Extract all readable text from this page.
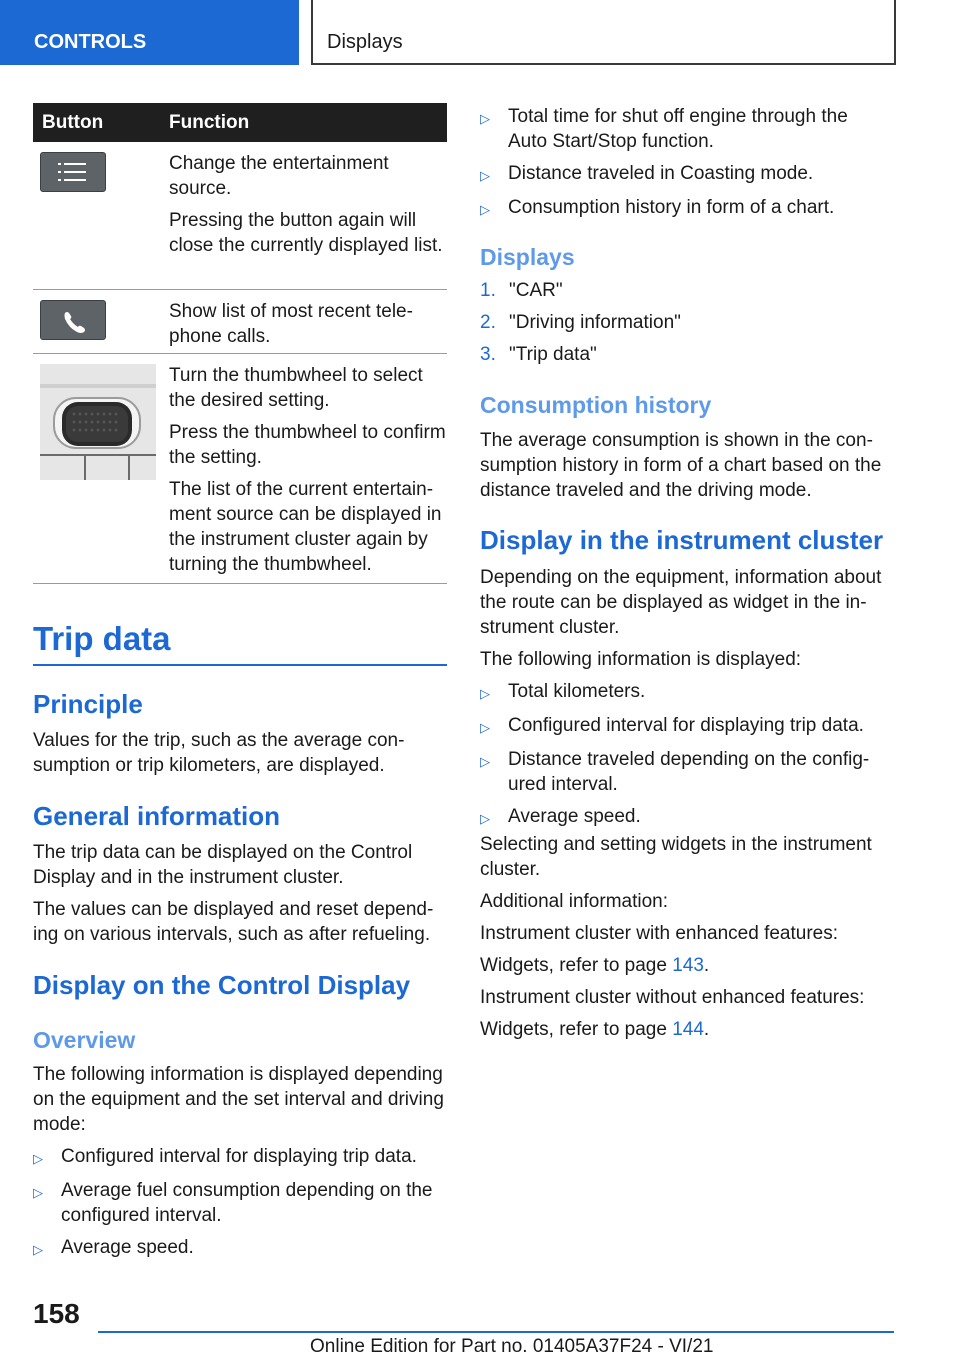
CONTROLS	Displays
Button	Function

Change the entertainment source.

Pressing the button again will close the currently displayed list.

Show list of most recent telephone calls.

Turn the thumbwheel to select the desired setting.

Press the thumbwheel to confirm the setting.

The list of the current entertainment source can be displayed in the instrument cluster again by turning the thumbwheel.

Trip data
Principle

Values for the trip, such as the average consumption or trip kilometers, are displayed.

General information

The trip data can be displayed on the Control Display and in the instrument cluster.

The values can be displayed and reset depending on various intervals, such as after refueling.

Display on the Control Display
Overview

The following information is displayed depending on the equipment and the set interval and driving mode:

▷ Configured interval for displaying trip data.
▷ Average fuel consumption depending on the configured interval.
▷ Average speed.
▷ Total time for shut off engine through the Auto Start/Stop function.
▷ Distance traveled in Coasting mode.
▷ Consumption history in form of a chart.
Displays
1. "CAR"
2. "Driving information"
3. "Trip data"
Consumption history

The average consumption is shown in the consumption history in form of a chart based on the distance traveled and the driving mode.

Display in the instrument cluster

Depending on the equipment, information about the route can be displayed as widget in the instrument cluster.

The following information is displayed:

▷ Total kilometers.
▷ Configured interval for displaying trip data.
▷ Distance traveled depending on the configured interval.
▷ Average speed.

Selecting and setting widgets in the instrument cluster.

Additional information:

Instrument cluster with enhanced features:

Widgets, refer to page 143.

Instrument cluster without enhanced features:

Widgets, refer to page 144.

158
Online Edition for Part no. 01405A37F24 - VI/21
